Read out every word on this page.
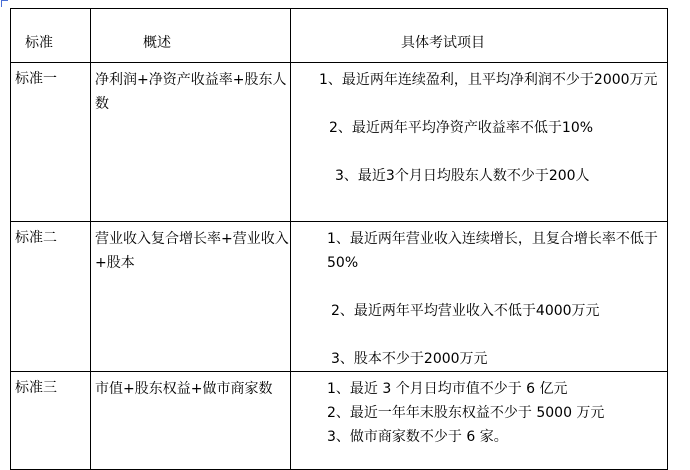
标准	概述	具体考试项目
标准一	净利润+净资产收益率+股东人数	1、最近两年连续盈利，且平均净利润不少于2000万元
2、最近两年平均净资产收益率不低于10%
3、最近3个月日均股东人数不少于200人

标准二	营业收入复合增长率+营业收入+股本	1、最近两年营业收入连续增长，且复合增长率不低于50%
2、最近两年平均营业收入不低于4000万元
3、股本不少于2000万元

标准三	市值+股东权益+做市商家数	1、最近 3 个月日均市值不少于 6 亿元
2、最近一年年末股东权益不少于 5000 万元
3、做市商家数不少于 6 家。
